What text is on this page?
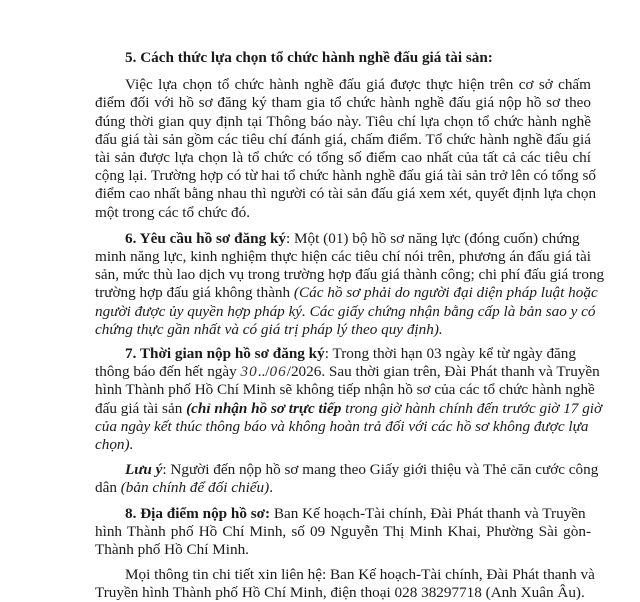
5. Cách thức lựa chọn tổ chức hành nghề đấu giá tài sản:
Việc lựa chọn tổ chức hành nghề đấu giá được thực hiện trên cơ sở chấm
điểm đối với hồ sơ đăng ký tham gia tổ chức hành nghề đấu giá nộp hồ sơ theo
đúng thời gian quy định tại Thông báo này. Tiêu chí lựa chọn tổ chức hành nghề
đấu giá tài sản gồm các tiêu chí đánh giá, chấm điểm. Tổ chức hành nghề đấu giá
tài sản được lựa chọn là tổ chức có tổng số điểm cao nhất của tất cả các tiêu chí
cộng lại. Trường hợp có từ hai tổ chức hành nghề đấu giá tài sản trở lên có tổng số
điểm cao nhất bằng nhau thì người có tài sản đấu giá xem xét, quyết định lựa chọn
một trong các tổ chức đó.
6. Yêu cầu hồ sơ đăng ký: Một (01) bộ hồ sơ năng lực (đóng cuốn) chứng
minh năng lực, kinh nghiệm thực hiện các tiêu chí nói trên, phương án đấu giá tài
sản, mức thù lao dịch vụ trong trường hợp đấu giá thành công; chi phí đấu giá trong
trường hợp đấu giá không thành (Các hồ sơ phải do người đại diện pháp luật hoặc
người được ủy quyền hợp pháp ký. Các giấy chứng nhận bằng cấp là bản sao y có
chứng thực gần nhất và có giá trị pháp lý theo quy định).
7. Thời gian nộp hồ sơ đăng ký: Trong thời hạn 03 ngày kể từ ngày đăng
thông báo đến hết ngày 30../06/2026. Sau thời gian trên, Đài Phát thanh và Truyền
hình Thành phố Hồ Chí Minh sẽ không tiếp nhận hồ sơ của các tổ chức hành nghề
đấu giá tài sản (chỉ nhận hồ sơ trực tiếp trong giờ hành chính đến trước giờ 17 giờ
của ngày kết thúc thông báo và không hoàn trả đối với các hồ sơ không được lựa
chọn).
Lưu ý: Người đến nộp hồ sơ mang theo Giấy giới thiệu và Thẻ căn cước công
dân (bản chính để đối chiếu).
8. Địa điểm nộp hồ sơ: Ban Kế hoạch-Tài chính, Đài Phát thanh và Truyền
hình Thành phố Hồ Chí Minh, số 09 Nguyễn Thị Minh Khai, Phường Sài gòn-
Thành phố Hồ Chí Minh.
Mọi thông tin chi tiết xin liên hệ: Ban Kế hoạch-Tài chính, Đài Phát thanh và
Truyền hình Thành phố Hồ Chí Minh, điện thoại 028 38297718 (Anh Xuân Âu).
